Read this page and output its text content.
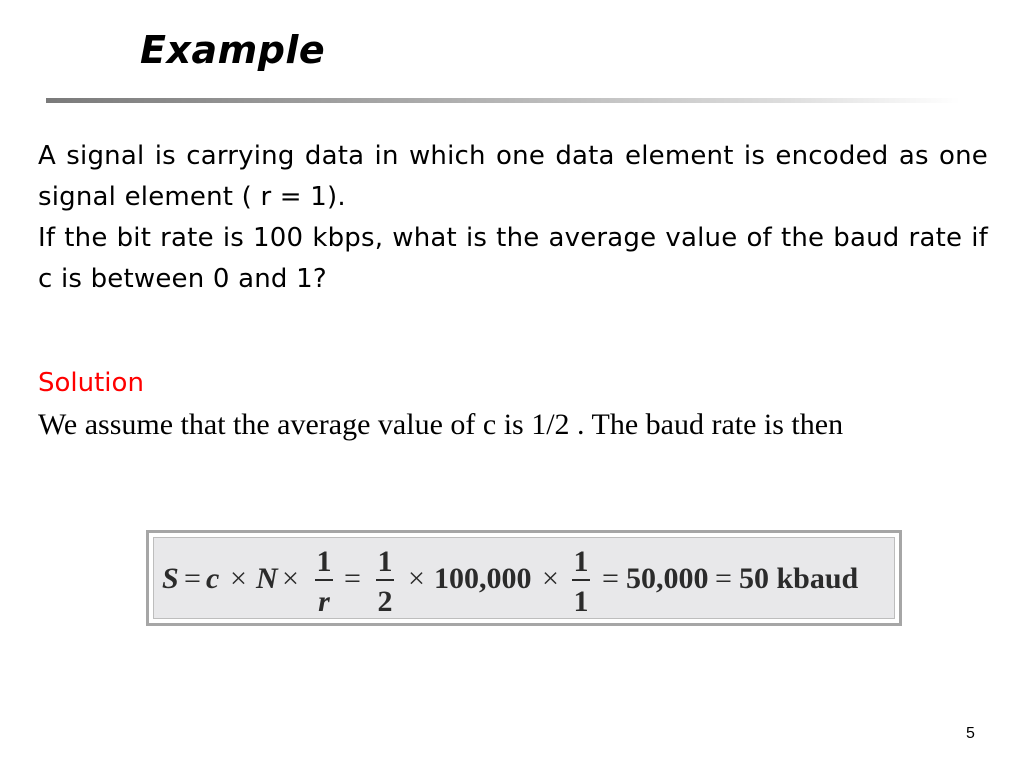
Example

A signal is carrying data in which one data element is encoded as one signal element ( r = 1).

If the bit rate is 100 kbps, what is the average value of the baud rate if c is between 0 and 1?

Solution
We assume that the average value of c is 1/2 . The baud rate is then
S = c × N ×
1
r
=
1
2
× 100,000 ×
1
1
= 50,000 = 50 kbaud
5
